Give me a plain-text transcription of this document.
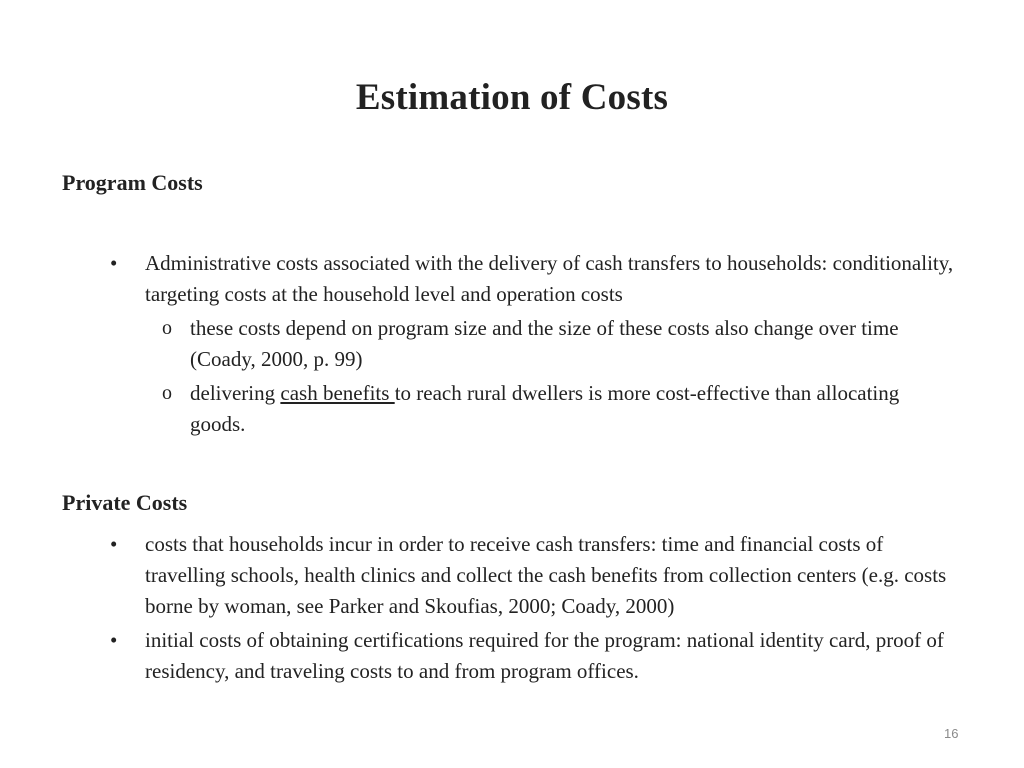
Estimation of Costs
Program Costs
• Administrative costs associated with the delivery of cash transfers to households: conditionality, targeting costs at the household level and operation costs
o these costs depend on program size and the size of these costs also change over time (Coady, 2000, p. 99)
o delivering cash benefits to reach rural dwellers is more cost-effective than allocating goods.
Private Costs
• costs that households incur in order to receive cash transfers: time and financial costs of travelling schools, health clinics and collect the cash benefits from collection centers (e.g. costs borne by woman, see Parker and Skoufias, 2000; Coady, 2000)
• initial costs of obtaining certifications required for the program: national identity card, proof of residency, and traveling costs to and from program offices.
16
